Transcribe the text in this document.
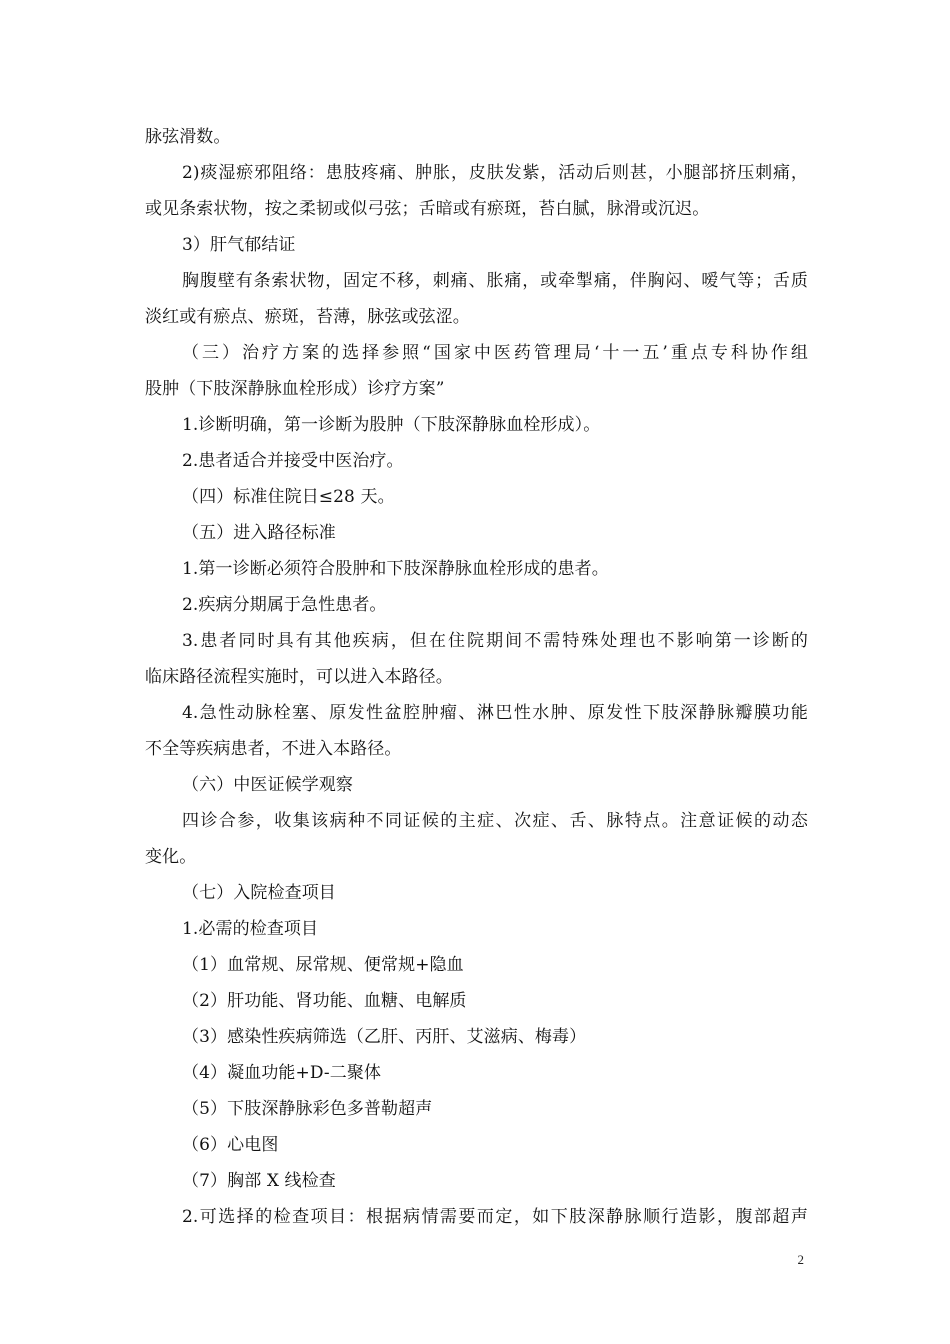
脉弦滑数。
2)痰湿瘀邪阻络：患肢疼痛、肿胀，皮肤发紫，活动后则甚，小腿部挤压刺痛，
或见条索状物，按之柔韧或似弓弦；舌暗或有瘀斑，苔白腻，脉滑或沉迟。
3）肝气郁结证
胸腹壁有条索状物，固定不移，刺痛、胀痛，或牵掣痛，伴胸闷、嗳气等；舌质
淡红或有瘀点、瘀斑，苔薄，脉弦或弦涩。
（三）治疗方案的选择参照“国家中医药管理局‘十一五’重点专科协作组
股肿（下肢深静脉血栓形成）诊疗方案”
1.诊断明确，第一诊断为股肿（下肢深静脉血栓形成）。
2.患者适合并接受中医治疗。
（四）标准住院日≤28 天。
（五）进入路径标准
1.第一诊断必须符合股肿和下肢深静脉血栓形成的患者。
2.疾病分期属于急性患者。
3.患者同时具有其他疾病，但在住院期间不需特殊处理也不影响第一诊断的
临床路径流程实施时，可以进入本路径。
4.急性动脉栓塞、原发性盆腔肿瘤、淋巴性水肿、原发性下肢深静脉瓣膜功能
不全等疾病患者，不进入本路径。
（六）中医证候学观察
四诊合参，收集该病种不同证候的主症、次症、舌、脉特点。注意证候的动态
变化。
（七）入院检查项目
1.必需的检查项目
（1）血常规、尿常规、便常规+隐血
（2）肝功能、肾功能、血糖、电解质
（3）感染性疾病筛选（乙肝、丙肝、艾滋病、梅毒）
（4）凝血功能+D-二聚体
（5）下肢深静脉彩色多普勒超声
（6）心电图
（7）胸部 X 线检查
2.可选择的检查项目：根据病情需要而定，如下肢深静脉顺行造影，腹部超声
2
